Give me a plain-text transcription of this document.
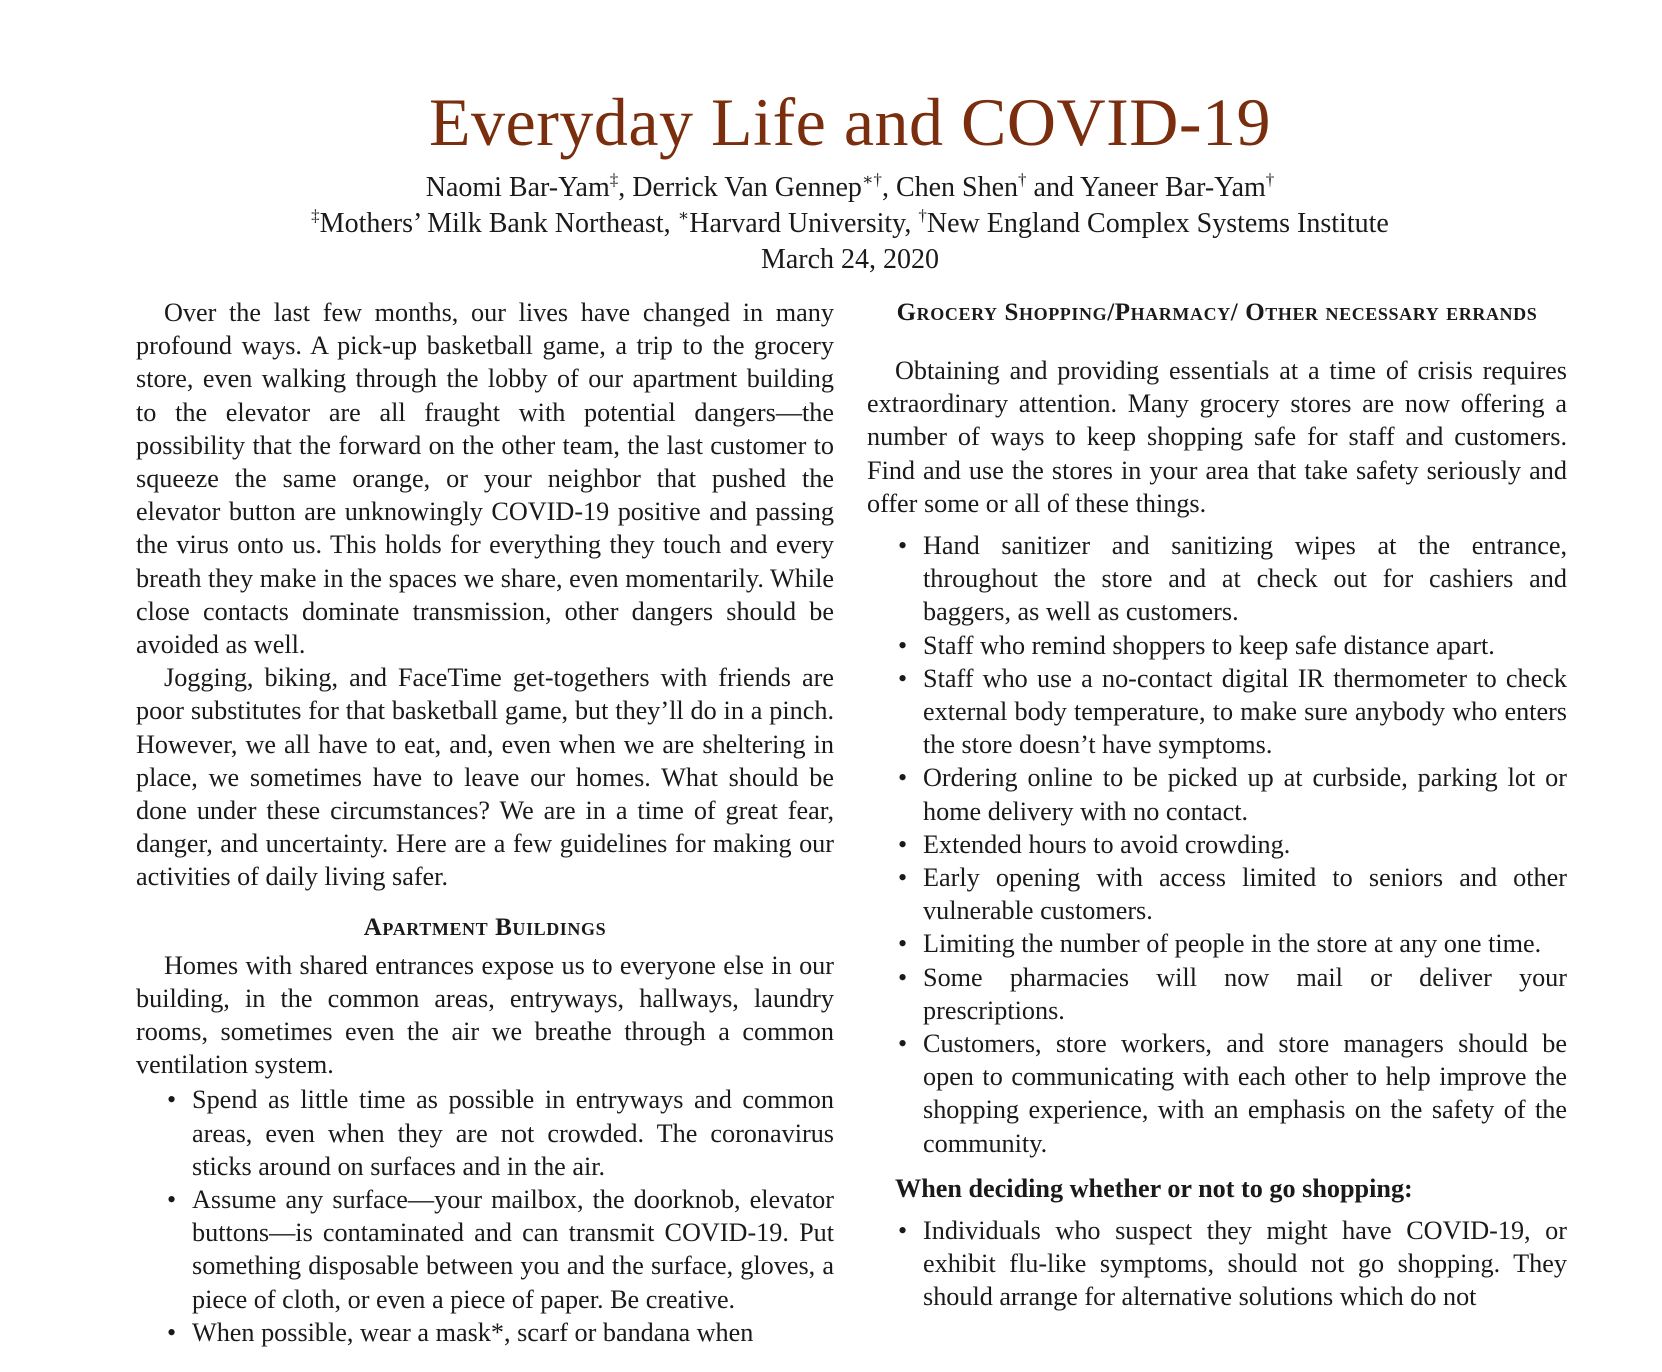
Everyday Life and COVID-19
Naomi Bar-Yam‡, Derrick Van Gennep∗†, Chen Shen† and Yaneer Bar-Yam†
‡Mothers’ Milk Bank Northeast, ∗Harvard University, †New England Complex Systems Institute
March 24, 2020

Over the last few months, our lives have changed in many profound ways. A pick-up basketball game, a trip to the grocery store, even walking through the lobby of our apartment building to the elevator are all fraught with potential dangers—the possibility that the forward on the other team, the last customer to squeeze the same orange, or your neighbor that pushed the elevator button are unknowingly COVID-19 positive and passing the virus onto us. This holds for everything they touch and every breath they make in the spaces we share, even momentarily. While close contacts dominate transmission, other dangers should be avoided as well.

Jogging, biking, and FaceTime get-togethers with friends are poor substitutes for that basketball game, but they’ll do in a pinch. However, we all have to eat, and, even when we are sheltering in place, we sometimes have to leave our homes. What should be done under these circumstances? We are in a time of great fear, danger, and uncertainty. Here are a few guidelines for making our activities of daily living safer.

Apartment Buildings

Homes with shared entrances expose us to everyone else in our building, in the common areas, entryways, hallways, laundry rooms, sometimes even the air we breathe through a common ventilation system.

• Spend as little time as possible in entryways and common areas, even when they are not crowded. The coronavirus sticks around on surfaces and in the air.
• Assume any surface—your mailbox, the doorknob, elevator buttons—is contaminated and can transmit COVID-19. Put something disposable between you and the surface, gloves, a piece of cloth, or even a piece of paper. Be creative.
• When possible, wear a mask*, scarf or bandana when
Grocery Shopping/Pharmacy/ Other necessary errands

Obtaining and providing essentials at a time of crisis requires extraordinary attention. Many grocery stores are now offering a number of ways to keep shopping safe for staff and customers. Find and use the stores in your area that take safety seriously and offer some or all of these things.

• Hand sanitizer and sanitizing wipes at the entrance, throughout the store and at check out for cashiers and baggers, as well as customers.
• Staff who remind shoppers to keep safe distance apart.
• Staff who use a no-contact digital IR thermometer to check external body temperature, to make sure anybody who enters the store doesn’t have symptoms.
• Ordering online to be picked up at curbside, parking lot or home delivery with no contact.
• Extended hours to avoid crowding.
• Early opening with access limited to seniors and other vulnerable customers.
• Limiting the number of people in the store at any one time.
• Some pharmacies will now mail or deliver your prescriptions.
• Customers, store workers, and store managers should be open to communicating with each other to help improve the shopping experience, with an emphasis on the safety of the community.

When deciding whether or not to go shopping:

• Individuals who suspect they might have COVID-19, or exhibit flu-like symptoms, should not go shopping. They should arrange for alternative solutions which do not
